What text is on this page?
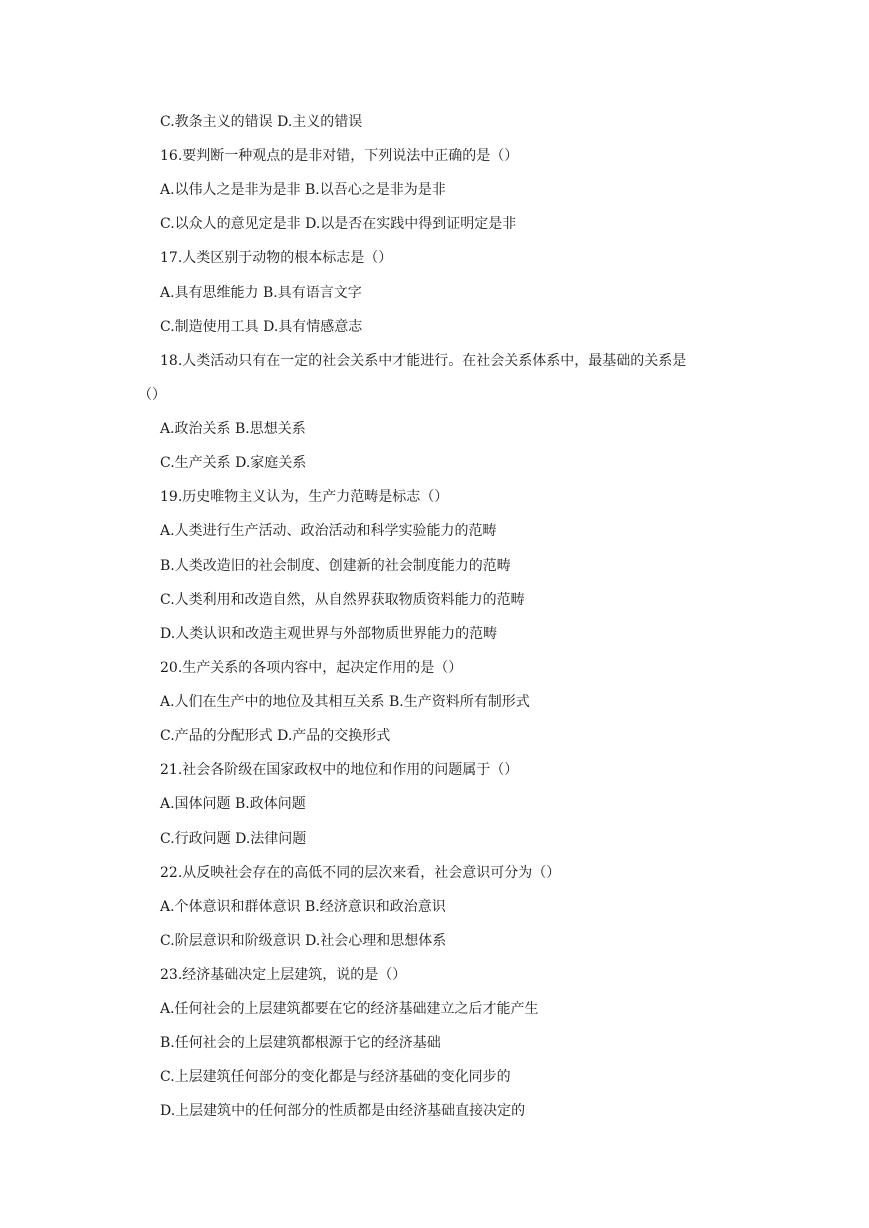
C.教条主义的错误 D.主义的错误
16.要判断一种观点的是非对错，下列说法中正确的是（）
A.以伟人之是非为是非 B.以吾心之是非为是非
C.以众人的意见定是非 D.以是否在实践中得到证明定是非
17.人类区别于动物的根本标志是（）
A.具有思维能力 B.具有语言文字
C.制造使用工具 D.具有情感意志
18.人类活动只有在一定的社会关系中才能进行。在社会关系体系中，最基础的关系是
（）
A.政治关系 B.思想关系
C.生产关系 D.家庭关系
19.历史唯物主义认为，生产力范畴是标志（）
A.人类进行生产活动、政治活动和科学实验能力的范畴
B.人类改造旧的社会制度、创建新的社会制度能力的范畴
C.人类利用和改造自然，从自然界获取物质资料能力的范畴
D.人类认识和改造主观世界与外部物质世界能力的范畴
20.生产关系的各项内容中，起决定作用的是（）
A.人们在生产中的地位及其相互关系 B.生产资料所有制形式
C.产品的分配形式 D.产品的交换形式
21.社会各阶级在国家政权中的地位和作用的问题属于（）
A.国体问题 B.政体问题
C.行政问题 D.法律问题
22.从反映社会存在的高低不同的层次来看，社会意识可分为（）
A.个体意识和群体意识 B.经济意识和政治意识
C.阶层意识和阶级意识 D.社会心理和思想体系
23.经济基础决定上层建筑，说的是（）
A.任何社会的上层建筑都要在它的经济基础建立之后才能产生
B.任何社会的上层建筑都根源于它的经济基础
C.上层建筑任何部分的变化都是与经济基础的变化同步的
D.上层建筑中的任何部分的性质都是由经济基础直接决定的
